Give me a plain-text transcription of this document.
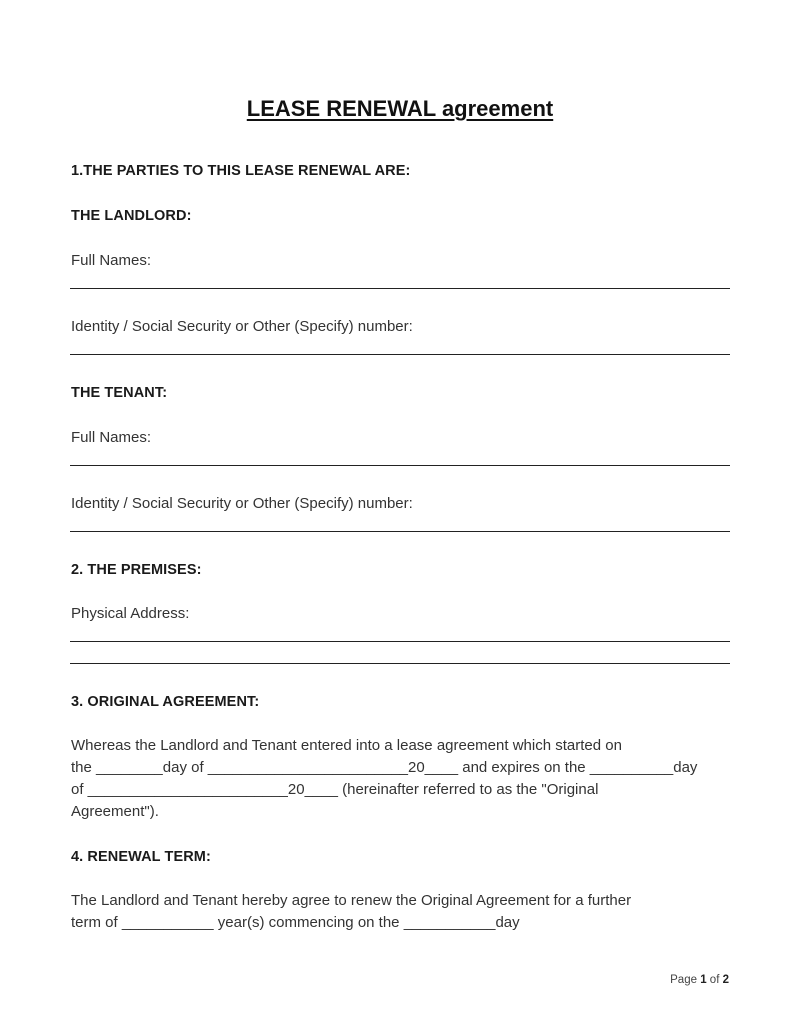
LEASE RENEWAL agreement
1.THE PARTIES TO THIS LEASE RENEWAL ARE:
THE LANDLORD:
Full Names:
Identity / Social Security or Other (Specify) number:
THE TENANT:
Full Names:
Identity / Social Security or Other (Specify) number:
2. THE PREMISES:
Physical Address:
3. ORIGINAL AGREEMENT:
Whereas the Landlord and Tenant entered into a lease agreement which started on
the ________day of ________________________20____ and expires on the __________day
of ________________________20____ (hereinafter referred to as the "Original
Agreement").
4. RENEWAL TERM:
The Landlord and Tenant hereby agree to renew the Original Agreement for a further
term of ___________ year(s) commencing on the ___________day
Page 1 of 2
